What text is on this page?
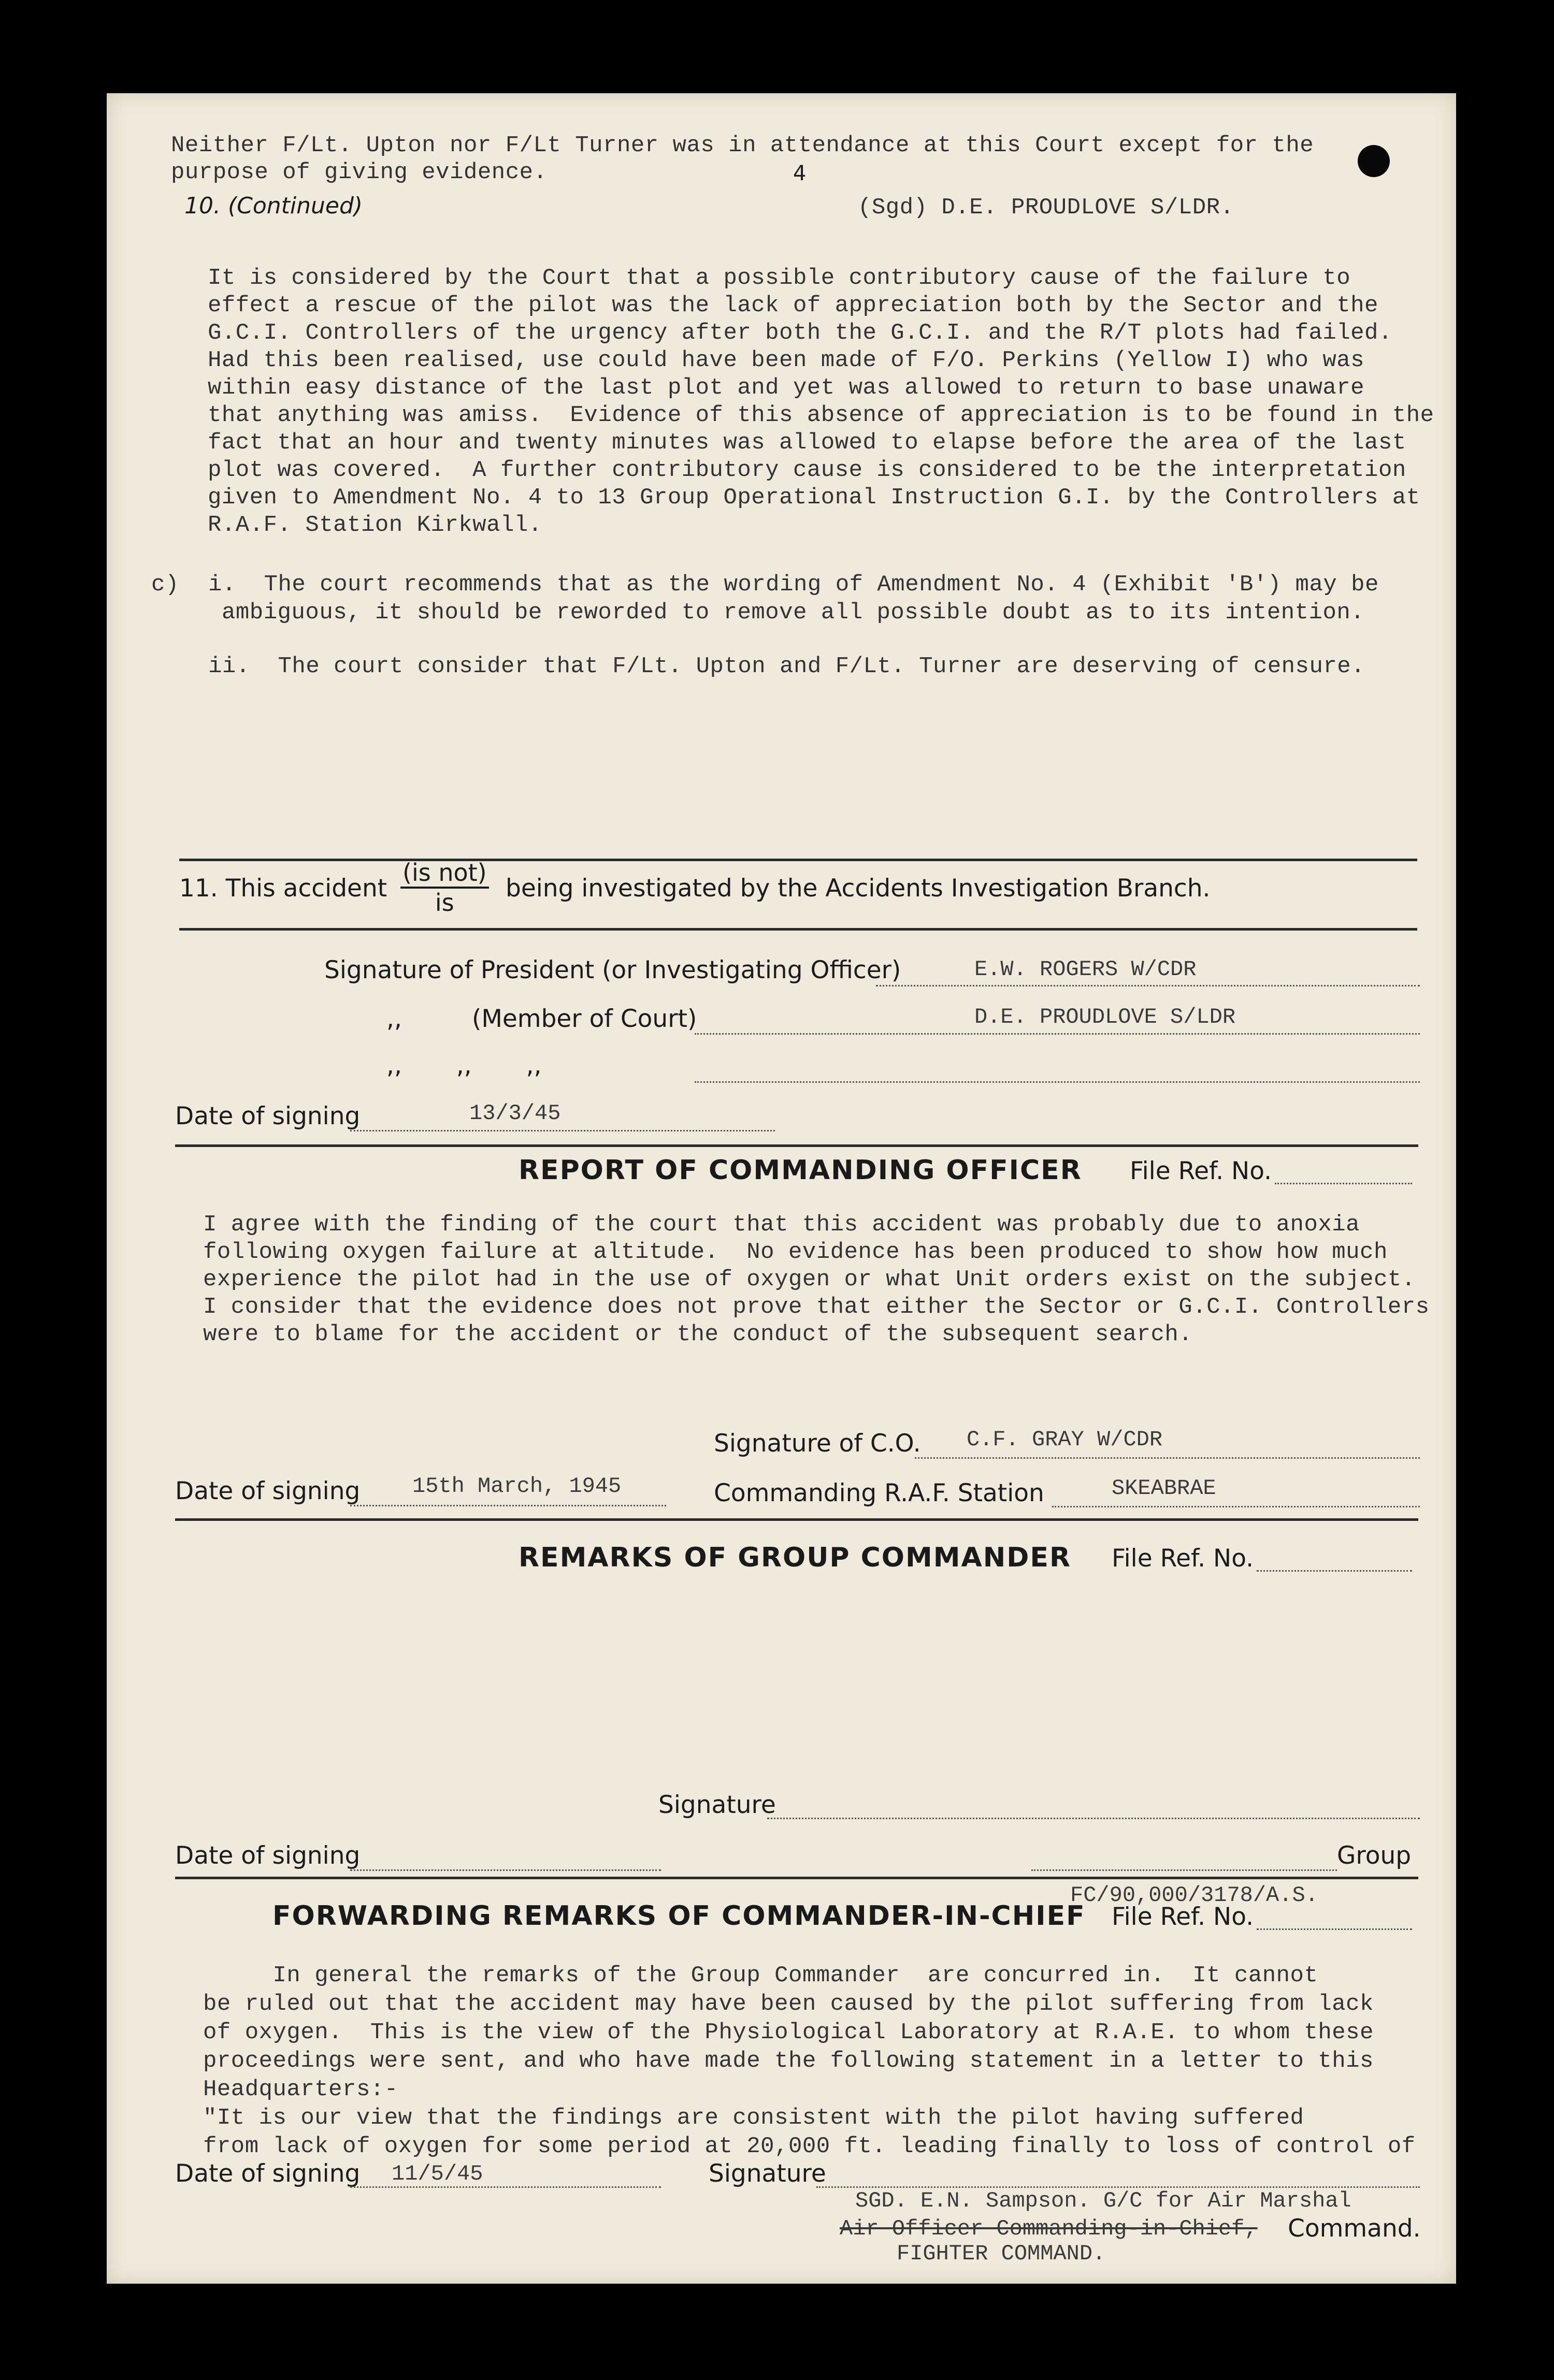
Neither F/Lt. Upton nor F/Lt Turner was in attendance at this Court except for the
purpose of giving evidence.	4
10. (Continued)	(Sgd) D.E. PROUDLOVE S/LDR.
It is considered by the Court that a possible contributory cause of the failure to
effect a rescue of the pilot was the lack of appreciation both by the Sector and the
G.C.I. Controllers of the urgency after both the G.C.I. and the R/T plots had failed.
Had this been realised, use could have been made of F/O. Perkins (Yellow I) who was
within easy distance of the last plot and yet was allowed to return to base unaware
that anything was amiss.  Evidence of this absence of appreciation is to be found in the
fact that an hour and twenty minutes was allowed to elapse before the area of the last
plot was covered.  A further contributory cause is considered to be the interpretation
given to Amendment No. 4 to 13 Group Operational Instruction G.I. by the Controllers at
R.A.F. Station Kirkwall.
c) i.  The court recommends that as the wording of Amendment No. 4 (Exhibit 'B') may be
ambiguous, it should be reworded to remove all possible doubt as to its intention.
ii.  The court consider that F/Lt. Upton and F/Lt. Turner are deserving of censure.
11. This accident
(is not)
is	being investigated by the Accidents Investigation Branch.
Signature of President (or Investigating Officer)	E.W. ROGERS W/CDR
,,	(Member of Court)	D.E. PROUDLOVE S/LDR
,, ,, ,,
Date of signing	13/3/45
REPORT OF COMMANDING OFFICER File Ref. No.
I agree with the finding of the court that this accident was probably due to anoxia
following oxygen failure at altitude.  No evidence has been produced to show how much
experience the pilot had in the use of oxygen or what Unit orders exist on the subject.
I consider that the evidence does not prove that either the Sector or G.C.I. Controllers
were to blame for the accident or the conduct of the subsequent search.
Signature of C.O. C.F. GRAY W/CDR
Date of signing 15th March, 1945	Commanding R.A.F. Station	SKEABRAE
REMARKS OF GROUP COMMANDER File Ref. No.
Signature
Date of signing	Group
FC/90,000/3178/A.S.
FORWARDING REMARKS OF COMMANDER-IN-CHIEF File Ref. No.
In general the remarks of the Group Commander  are concurred in.  It cannot
be ruled out that the accident may have been caused by the pilot suffering from lack
of oxygen.  This is the view of the Physiological Laboratory at R.A.E. to whom these
proceedings were sent, and who have made the following statement in a letter to this
Headquarters:-
"It is our view that the findings are consistent with the pilot having suffered
from lack of oxygen for some period at 20,000 ft. leading finally to loss of control of
Date of signing 11/5/45	Signature
SGD. E.N. Sampson. G/C for Air Marshal
Air Officer Commanding-in-Chief, Command.
FIGHTER COMMAND.
